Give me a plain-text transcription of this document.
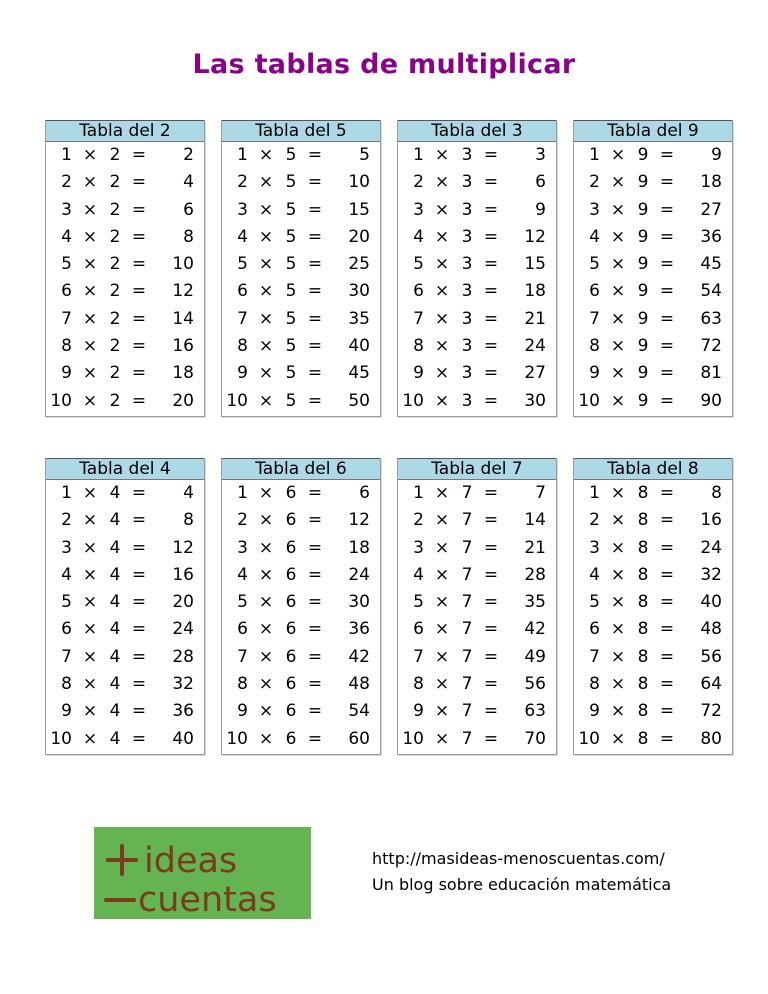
Las tablas de multiplicar
Tabla del 2
1 × 2 =	2
2 × 2 =	4
3 × 2 =	6
4 × 2 =	8
5 × 2 =	10
6 × 2 =	12
7 × 2 =	14
8 × 2 =	16
9 × 2 =	18
10 × 2 =	20
Tabla del 5
1 × 5 =	5
2 × 5 =	10
3 × 5 =	15
4 × 5 =	20
5 × 5 =	25
6 × 5 =	30
7 × 5 =	35
8 × 5 =	40
9 × 5 =	45
10 × 5 =	50
Tabla del 3
1 × 3 =	3
2 × 3 =	6
3 × 3 =	9
4 × 3 =	12
5 × 3 =	15
6 × 3 =	18
7 × 3 =	21
8 × 3 =	24
9 × 3 =	27
10 × 3 =	30
Tabla del 9
1 × 9 =	9
2 × 9 =	18
3 × 9 =	27
4 × 9 =	36
5 × 9 =	45
6 × 9 =	54
7 × 9 =	63
8 × 9 =	72
9 × 9 =	81
10 × 9 =	90
Tabla del 4
1 × 4 =	4
2 × 4 =	8
3 × 4 =	12
4 × 4 =	16
5 × 4 =	20
6 × 4 =	24
7 × 4 =	28
8 × 4 =	32
9 × 4 =	36
10 × 4 =	40
Tabla del 6
1 × 6 =	6
2 × 6 =	12
3 × 6 =	18
4 × 6 =	24
5 × 6 =	30
6 × 6 =	36
7 × 6 =	42
8 × 6 =	48
9 × 6 =	54
10 × 6 =	60
Tabla del 7
1 × 7 =	7
2 × 7 =	14
3 × 7 =	21
4 × 7 =	28
5 × 7 =	35
6 × 7 =	42
7 × 7 =	49
8 × 7 =	56
9 × 7 =	63
10 × 7 =	70
Tabla del 8
1 × 8 =	8
2 × 8 =	16
3 × 8 =	24
4 × 8 =	32
5 × 8 =	40
6 × 8 =	48
7 × 8 =	56
8 × 8 =	64
9 × 8 =	72
10 × 8 =	80
ideas
cuentas
http://masideas-menoscuentas.com/
Un blog sobre educación matemática
